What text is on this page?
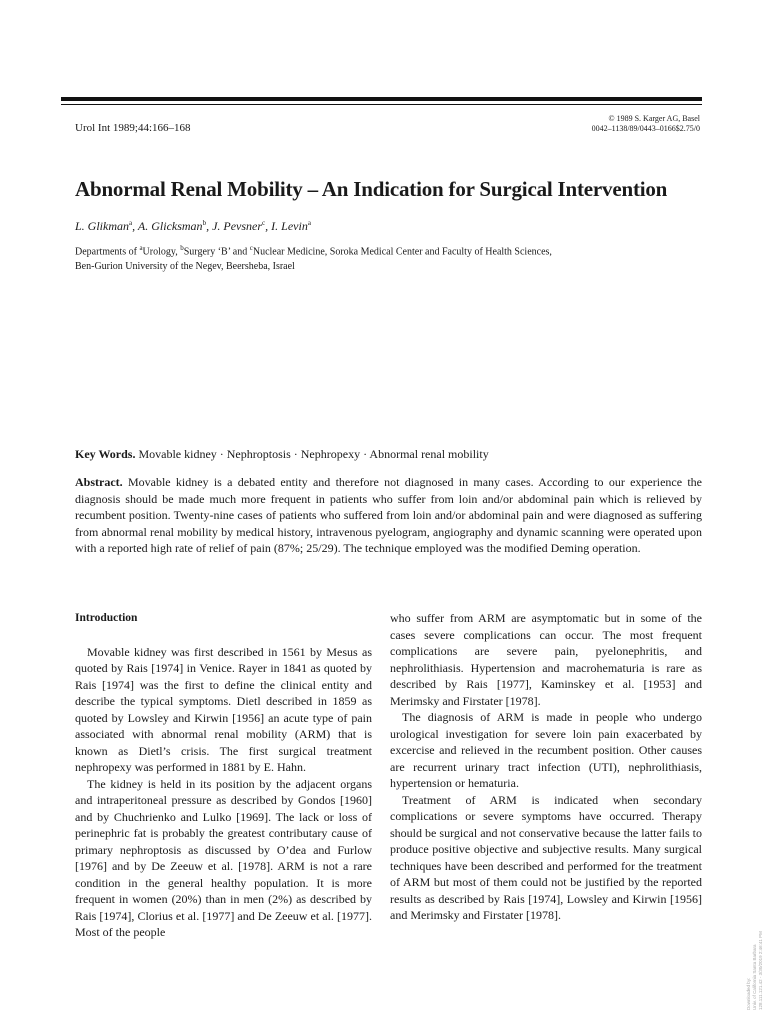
Urol Int 1989;44:166–168
© 1989 S. Karger AG, Basel
0042–1138/89/0443–0166$2.75/0
Abnormal Renal Mobility – An Indication for Surgical Intervention
L. Glikman$^a$, A. Glicksman$^b$, J. Pevsner$^c$, I. Levin$^a$
Departments of $^a$Urology, $^b$Surgery ‘B’ and $^c$Nuclear Medicine, Soroka Medical Center and Faculty of Health Sciences,
Ben-Gurion University of the Negev, Beersheba, Israel
Key Words. Movable kidney · Nephroptosis · Nephropexy · Abnormal renal mobility
Abstract. Movable kidney is a debated entity and therefore not diagnosed in many cases. According to our experience the diagnosis should be made much more frequent in patients who suffer from loin and/or abdominal pain which is relieved by recumbent position. Twenty-nine cases of patients who suffered from loin and/or abdominal pain and were diagnosed as suffering from abnormal renal mobility by medical history, intravenous pyelogram, angiography and dynamic scanning were operated upon with a reported high rate of relief of pain (87%; 25/29). The technique employed was the modified Deming operation.
Introduction

Movable kidney was first described in 1561 by Mesus as quoted by Rais [1974] in Venice. Rayer in 1841 as quoted by Rais [1974] was the first to define the clinical entity and describe the typical symptoms. Dietl described in 1859 as quoted by Lowsley and Kirwin [1956] an acute type of pain associated with abnormal renal mobility (ARM) that is known as Dietl’s crisis. The first surgical treatment nephropexy was performed in 1881 by E. Hahn.

The kidney is held in its position by the adjacent organs and intraperitoneal pressure as described by Gondos [1960] and by Chuchrienko and Lulko [1969]. The lack or loss of perinephric fat is probably the greatest contributary cause of primary nephroptosis as discussed by O’dea and Furlow [1976] and by De Zeeuw et al. [1978]. ARM is not a rare condition in the general healthy population. It is more frequent in women (20%) than in men (2%) as described by Rais [1974], Clorius et al. [1977] and De Zeeuw et al. [1977]. Most of the people

who suffer from ARM are asymptomatic but in some of the cases severe complications can occur. The most frequent complications are severe pain, pyelonephritis, and nephrolithiasis. Hypertension and macrohematuria is rare as described by Rais [1977], Kaminskey et al. [1953] and Merimsky and Firstater [1978].

The diagnosis of ARM is made in people who undergo urological investigation for severe loin pain exacerbated by excercise and relieved in the recumbent position. Other causes are recurrent urinary tract infection (UTI), nephrolithiasis, hypertension or hematuria.

Treatment of ARM is indicated when secondary complications or severe symptoms have occurred. Therapy should be surgical and not conservative because the latter fails to produce positive objective and subjective results. Many surgical techniques have been described and performed for the treatment of ARM but most of them could not be justified by the reported results as described by Rais [1974], Lowsley and Kirwin [1956] and Merimsky and Firstater [1978].

Downloaded by: Univ. of California Santa Barbara 128.111.121.42 - 3/30/2019 2:46:41 PM
